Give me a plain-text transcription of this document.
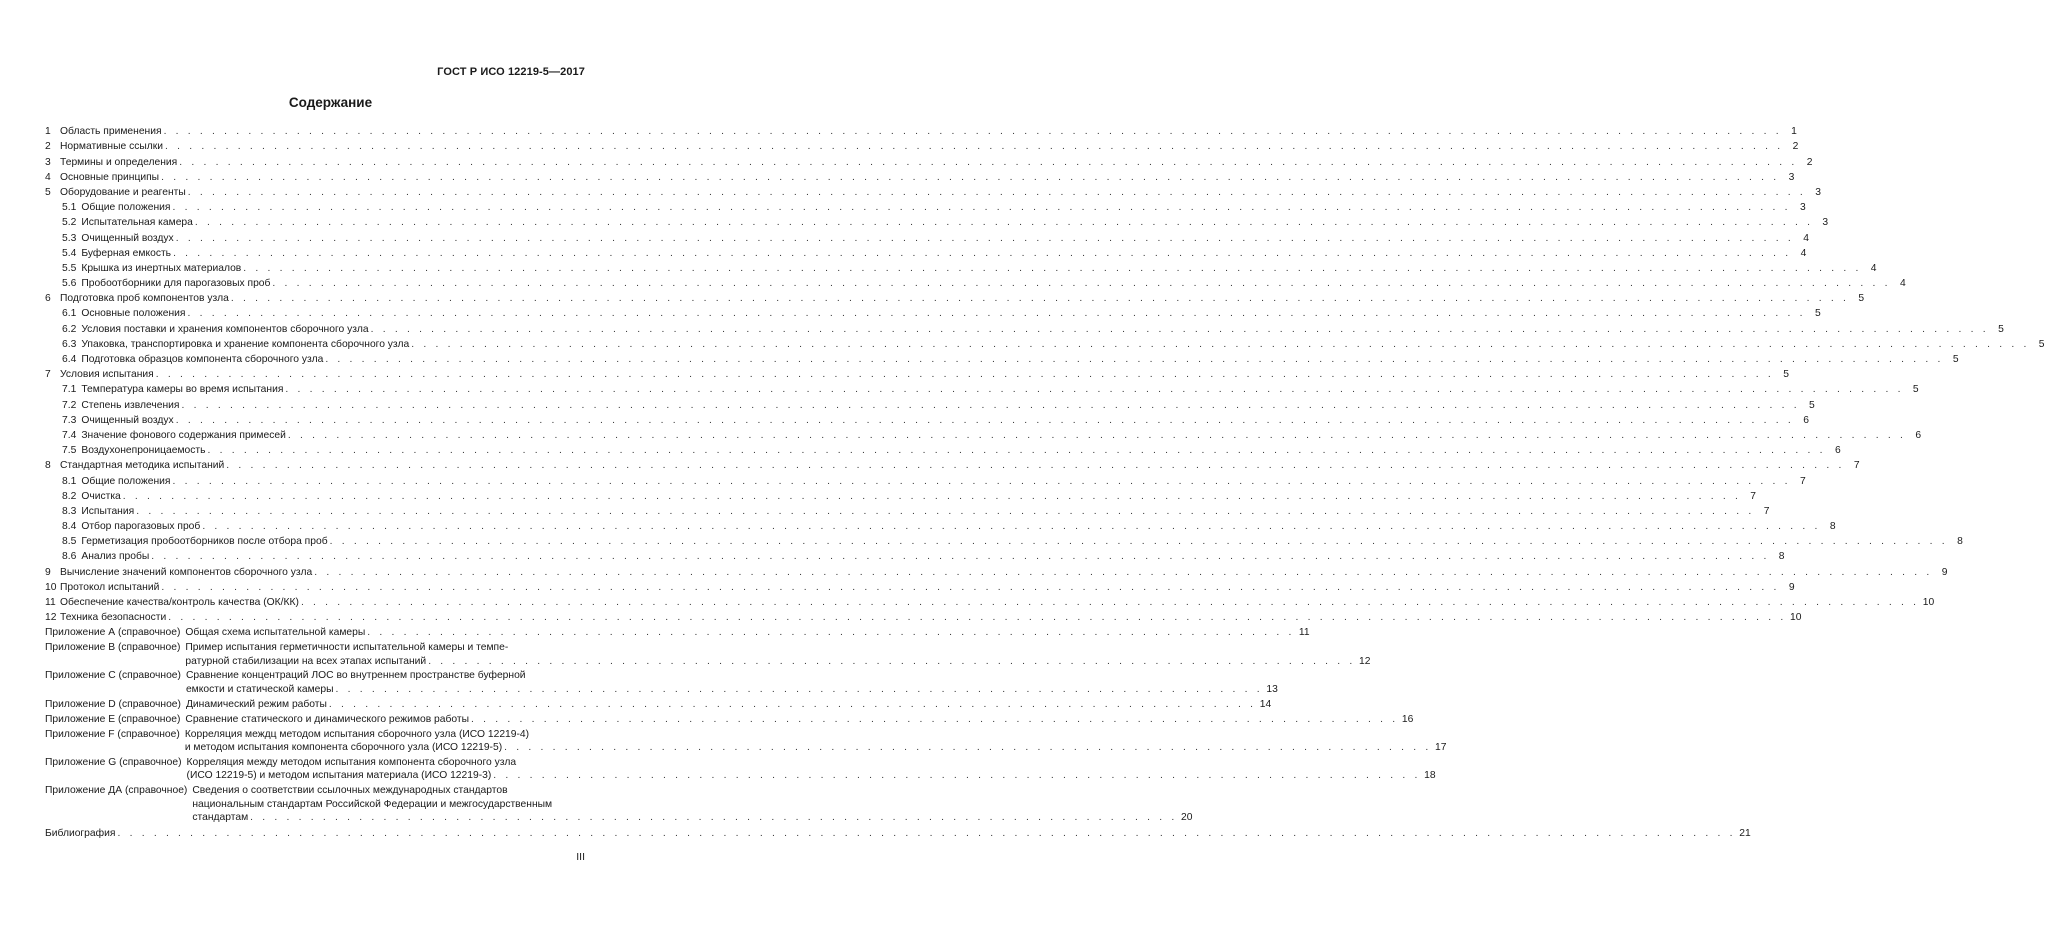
ГОСТ Р ИСО 12219-5—2017
Содержание
1 Область применения . . .	1
2 Нормативные ссылки . . .	2
3 Термины и определения . . .	2
4 Основные принципы . . .	3
5 Оборудование и реагенты . . .	3
5.1 Общие положения . . .	3
5.2 Испытательная камера . . .	3
5.3 Очищенный воздух . . .	4
5.4 Буферная емкость . . .	4
5.5 Крышка из инертных материалов . . .	4
5.6 Пробоотборники для парогазовых проб . . .	4
6 Подготовка проб компонентов узла . . .	5
6.1 Основные положения . . .	5
6.2 Условия поставки и хранения компонентов сборочного узла . . .	5
6.3 Упаковка, транспортировка и хранение компонента сборочного узла . . .	5
6.4 Подготовка образцов компонента сборочного узла . . .	5
7 Условия испытания . . .	5
7.1 Температура камеры во время испытания . . .	5
7.2 Степень извлечения . . .	5
7.3 Очищенный воздух . . .	6
7.4 Значение фонового содержания примесей . . .	6
7.5 Воздухонепроницаемость . . .	6
8 Стандартная методика испытаний . . .	7
8.1 Общие положения . . .	7
8.2 Очистка . . .	7
8.3 Испытания . . .	7
8.4 Отбор парогазовых проб . . .	8
8.5 Герметизация пробоотборников после отбора проб . . .	8
8.6 Анализ пробы . . .	8
9 Вычисление значений компонентов сборочного узла . . .	9
10 Протокол испытаний . . .	9
11 Обеспечение качества/контроль качества (ОК/КК) . . .	10
12 Техника безопасности . . .	10
Приложение А (справочное) Общая схема испытательной камеры . . .	11
Приложение В (справочное) Пример испытания герметичности испытательной камеры и темпе-
ратурной стабилизации на всех этапах испытаний . . .	12
Приложение С (справочное) Сравнение концентраций ЛОС во внутреннем пространстве буферной
емкости и статической камеры . . .	13
Приложение D (справочное) Динамический режим работы . . .	14
Приложение Е (справочное) Сравнение статического и динамического режимов работы . . .	16
Приложение F (справочное) Корреляция междц методом испытания сборочного узла (ИСО 12219-4)
и методом испытания компонента сборочного узла (ИСО 12219-5) . . .	17
Приложение G (справочное) Корреляция между методом испытания компонента сборочного узла
(ИСО 12219-5) и методом испытания материала (ИСО 12219-3) . . .	18
Приложение ДА (справочное) Сведения о соответствии ссылочных международных стандартов
национальным стандартам Российской Федерации и межгосударственным
стандартам . . .	20
Библиография . . .	21
III
